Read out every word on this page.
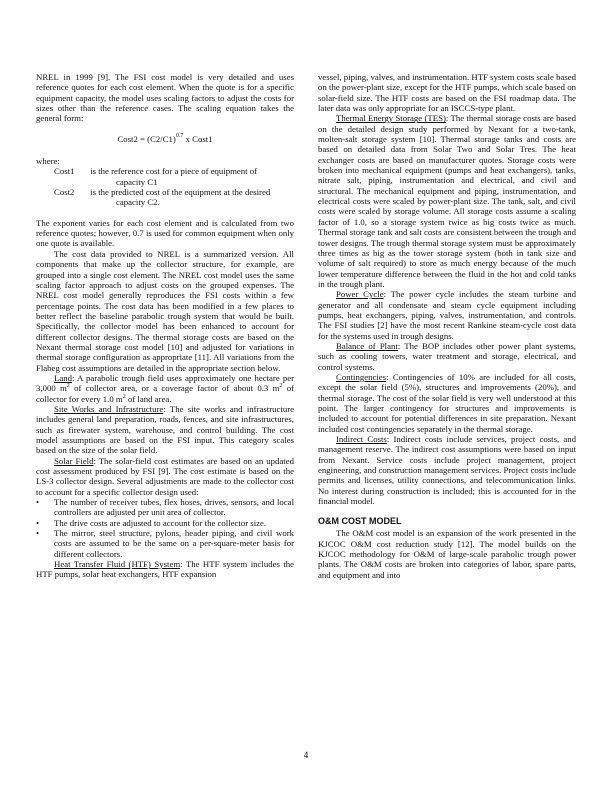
NREL in 1999 [9]. The FSI cost model is very detailed and uses reference quotes for each cost element. When the quote is for a specific equipment capacity, the model uses scaling factors to adjust the costs for sizes other than the reference cases. The scaling equation takes the general form:

Cost2 = $(C2/C1)^{0.7}$ x Cost1

where:

Cost1	is the reference cost for a piece of equipment of
capacity C1
Cost2	is the predicted cost of the equipment at the desired
capacity C2.

The exponent varies for each cost element and is calculated from two reference quotes; however, 0.7 is used for common equipment when only one quote is available.

The cost data provided to NREL is a summarized version. All components that make up the collector structure, for example, are grouped into a single cost element. The NREL cost model uses the same scaling factor approach to adjust costs on the grouped expenses. The NREL cost model generally reproduces the FSI costs within a few percentage points. The cost data has been modified in a few places to better reflect the baseline parabolic trough system that would be built. Specifically, the collector model has been enhanced to account for different collector designs. The thermal storage costs are based on the Nexant thermal storage cost model [10] and adjusted for variations in thermal storage configuration as appropriate [11]. All variations from the Flabeg cost assumptions are detailed in the appropriate section below.

Land: A parabolic trough field uses approximately one hectare per 3,000 $m^2$ of collector area, or a coverage factor of about 0.3 $m^2$ of collector for every 1.0 $m^2$ of land area.

Site Works and Infrastructure: The site works and infrastructure includes general land preparation, roads, fences, and site infrastructures, such as firewater system, warehouse, and control building. The cost model assumptions are based on the FSI input. This category scales based on the size of the solar field.

Solar Field: The solar-field cost estimates are based on an updated cost assessment produced by FSI [9]. The cost estimate is based on the LS-3 collector design. Several adjustments are made to the collector cost to account for a specific collector design used:

•	The number of receiver tubes, flex hoses, drives, sensors, and local controllers are adjusted per unit area of collector.
•	The drive costs are adjusted to account for the collector size.
•	The mirror, steel structure, pylons, header piping, and civil work costs are assumed to be the same on a per-square-meter basis for different collectors.

Heat Transfer Fluid (HTF) System: The HTF system includes the HTF pumps, solar heat exchangers, HTF expansion

vessel, piping, valves, and instrumentation. HTF system costs scale based on the power-plant size, except for the HTF pumps, which scale based on solar-field size. The HTF costs are based on the FSI roadmap data. The later data was only appropriate for an ISCCS-type plant.

Thermal Energy Storage (TES): The thermal storage costs are based on the detailed design study performed by Nexant for a two-tank, molten-salt storage system [10]. Thermal storage tanks and costs are based on detailed data from Solar Two and Solar Tres. The heat exchanger costs are based on manufacturer quotes. Storage costs were broken into mechanical equipment (pumps and heat exchangers), tanks, nitrate salt, piping, instrumentation and electrical, and civil and structural. The mechanical equipment and piping, instrumentation, and electrical costs were scaled by power-plant size. The tank, salt, and civil costs were scaled by storage volume. All storage costs assume a scaling factor of 1.0, so a storage system twice as big costs twice as much. Thermal storage tank and salt costs are consistent between the trough and tower designs. The trough thermal storage system must be approximately three times as big as the tower storage system (both in tank size and volume of salt required) to store as much energy because of the much lower temperature difference between the fluid in the hot and cold tanks in the trough plant.

Power Cycle: The power cycle includes the steam turbine and generator and all condensate and steam cycle equipment including pumps, heat exchangers, piping, valves, instrumentation, and controls. The FSI studies [2] have the most recent Rankine steam-cycle cost data for the systems used in trough designs.

Balance of Plant: The BOP includes other power plant systems, such as cooling towers, water treatment and storage, electrical, and control systems.

Contingencies: Contingencies of 10% are included for all costs, except the solar field (5%), structures and improvements (20%), and thermal storage. The cost of the solar field is very well understood at this point. The larger contingency for structures and improvements is included to account for potential differences in site preparation. Nexant included cost contingencies separately in the thermal storage.

Indirect Costs: Indirect costs include services, project costs, and management reserve. The indirect cost assumptions were based on input from Nexant. Service costs include project management, project engineering, and construction management services. Project costs include permits and licenses, utility connections, and telecommunication links. No interest during construction is included; this is accounted for in the financial model.

O&M COST MODEL

The O&M cost model is an expansion of the work presented in the KJCOC O&M cost reduction study [12]. The model builds on the KJCOC methodology for O&M of large-scale parabolic trough power plants. The O&M costs are broken into categories of labor, spare parts, and equipment and into

4
